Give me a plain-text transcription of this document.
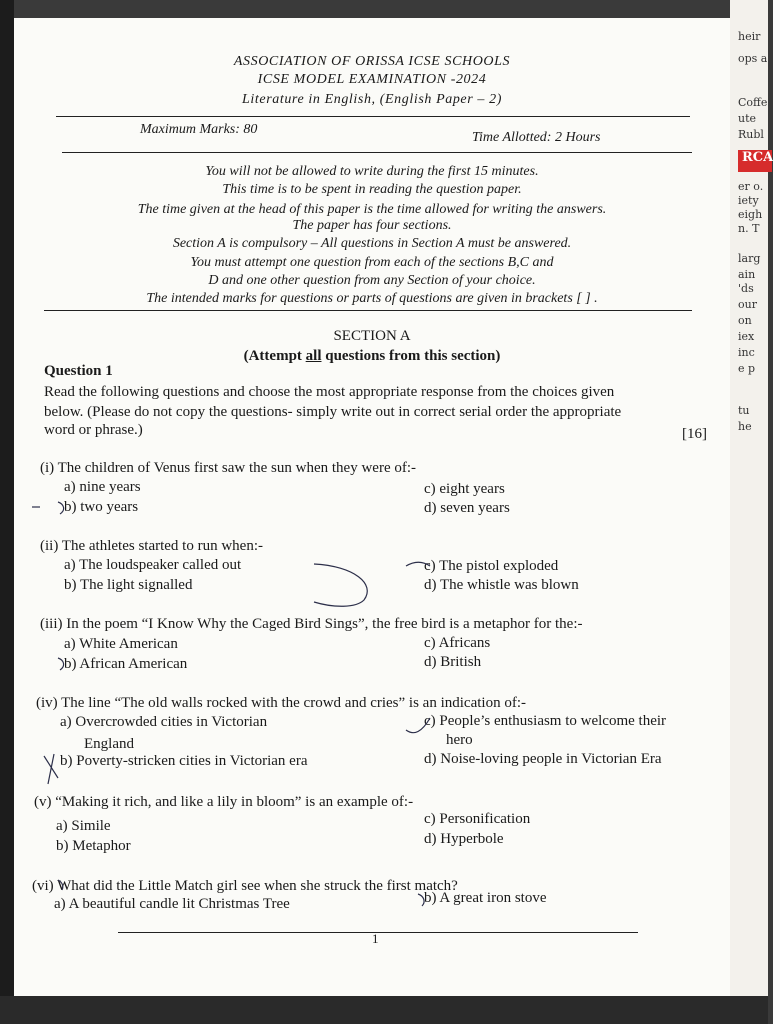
heir
ops a
Coffe
ute
Rubl
RCA
er o.
iety
eigh
n. T
larg
ain
'ds
our
on
iex
inc
e p
tu
he
ASSOCIATION OF ORISSA ICSE SCHOOLS
ICSE MODEL EXAMINATION -2024
Literature in English, (English Paper – 2)
Maximum Marks: 80
Time Allotted: 2 Hours
You will not be allowed to write during the first 15 minutes.
This time is to be spent in reading the question paper.
The time given at the head of this paper is the time allowed for writing the answers.
The paper has four sections.
Section A is compulsory – All questions in Section A must be answered.
You must attempt one question from each of the sections B,C and
D and one other question from any Section of your choice.
The intended marks for questions or parts of questions are given in brackets [ ] .
SECTION A
(Attempt all questions from this section)
Question 1
Read the following questions and choose the most appropriate response from the choices given
below. (Please do not copy the questions- simply write out in correct serial order the appropriate
word or phrase.)	[16]
(i) The children of Venus first saw the sun when they were of:-
a) nine years
b) two years
c) eight years
d) seven years
(ii) The athletes started to run when:-
a) The loudspeaker called out
b) The light signalled
c) The pistol exploded
d) The whistle was blown
(iii) In the poem “I Know Why the Caged Bird Sings”, the free bird is a metaphor for the:-
a) White American
b) African American
c) Africans
d) British
(iv) The line “The old walls rocked with the crowd and cries” is an indication of:-
a) Overcrowded cities in Victorian
England
b) Poverty-stricken cities in Victorian era
c) People’s enthusiasm to welcome their
hero
d) Noise-loving people in Victorian Era
(v) “Making it rich, and like a lily in bloom” is an example of:-
a) Simile
b) Metaphor
c) Personification
d) Hyperbole
(vi) What did the Little Match girl see when she struck the first match?
a) A beautiful candle lit Christmas Tree	b) A great iron stove
1
